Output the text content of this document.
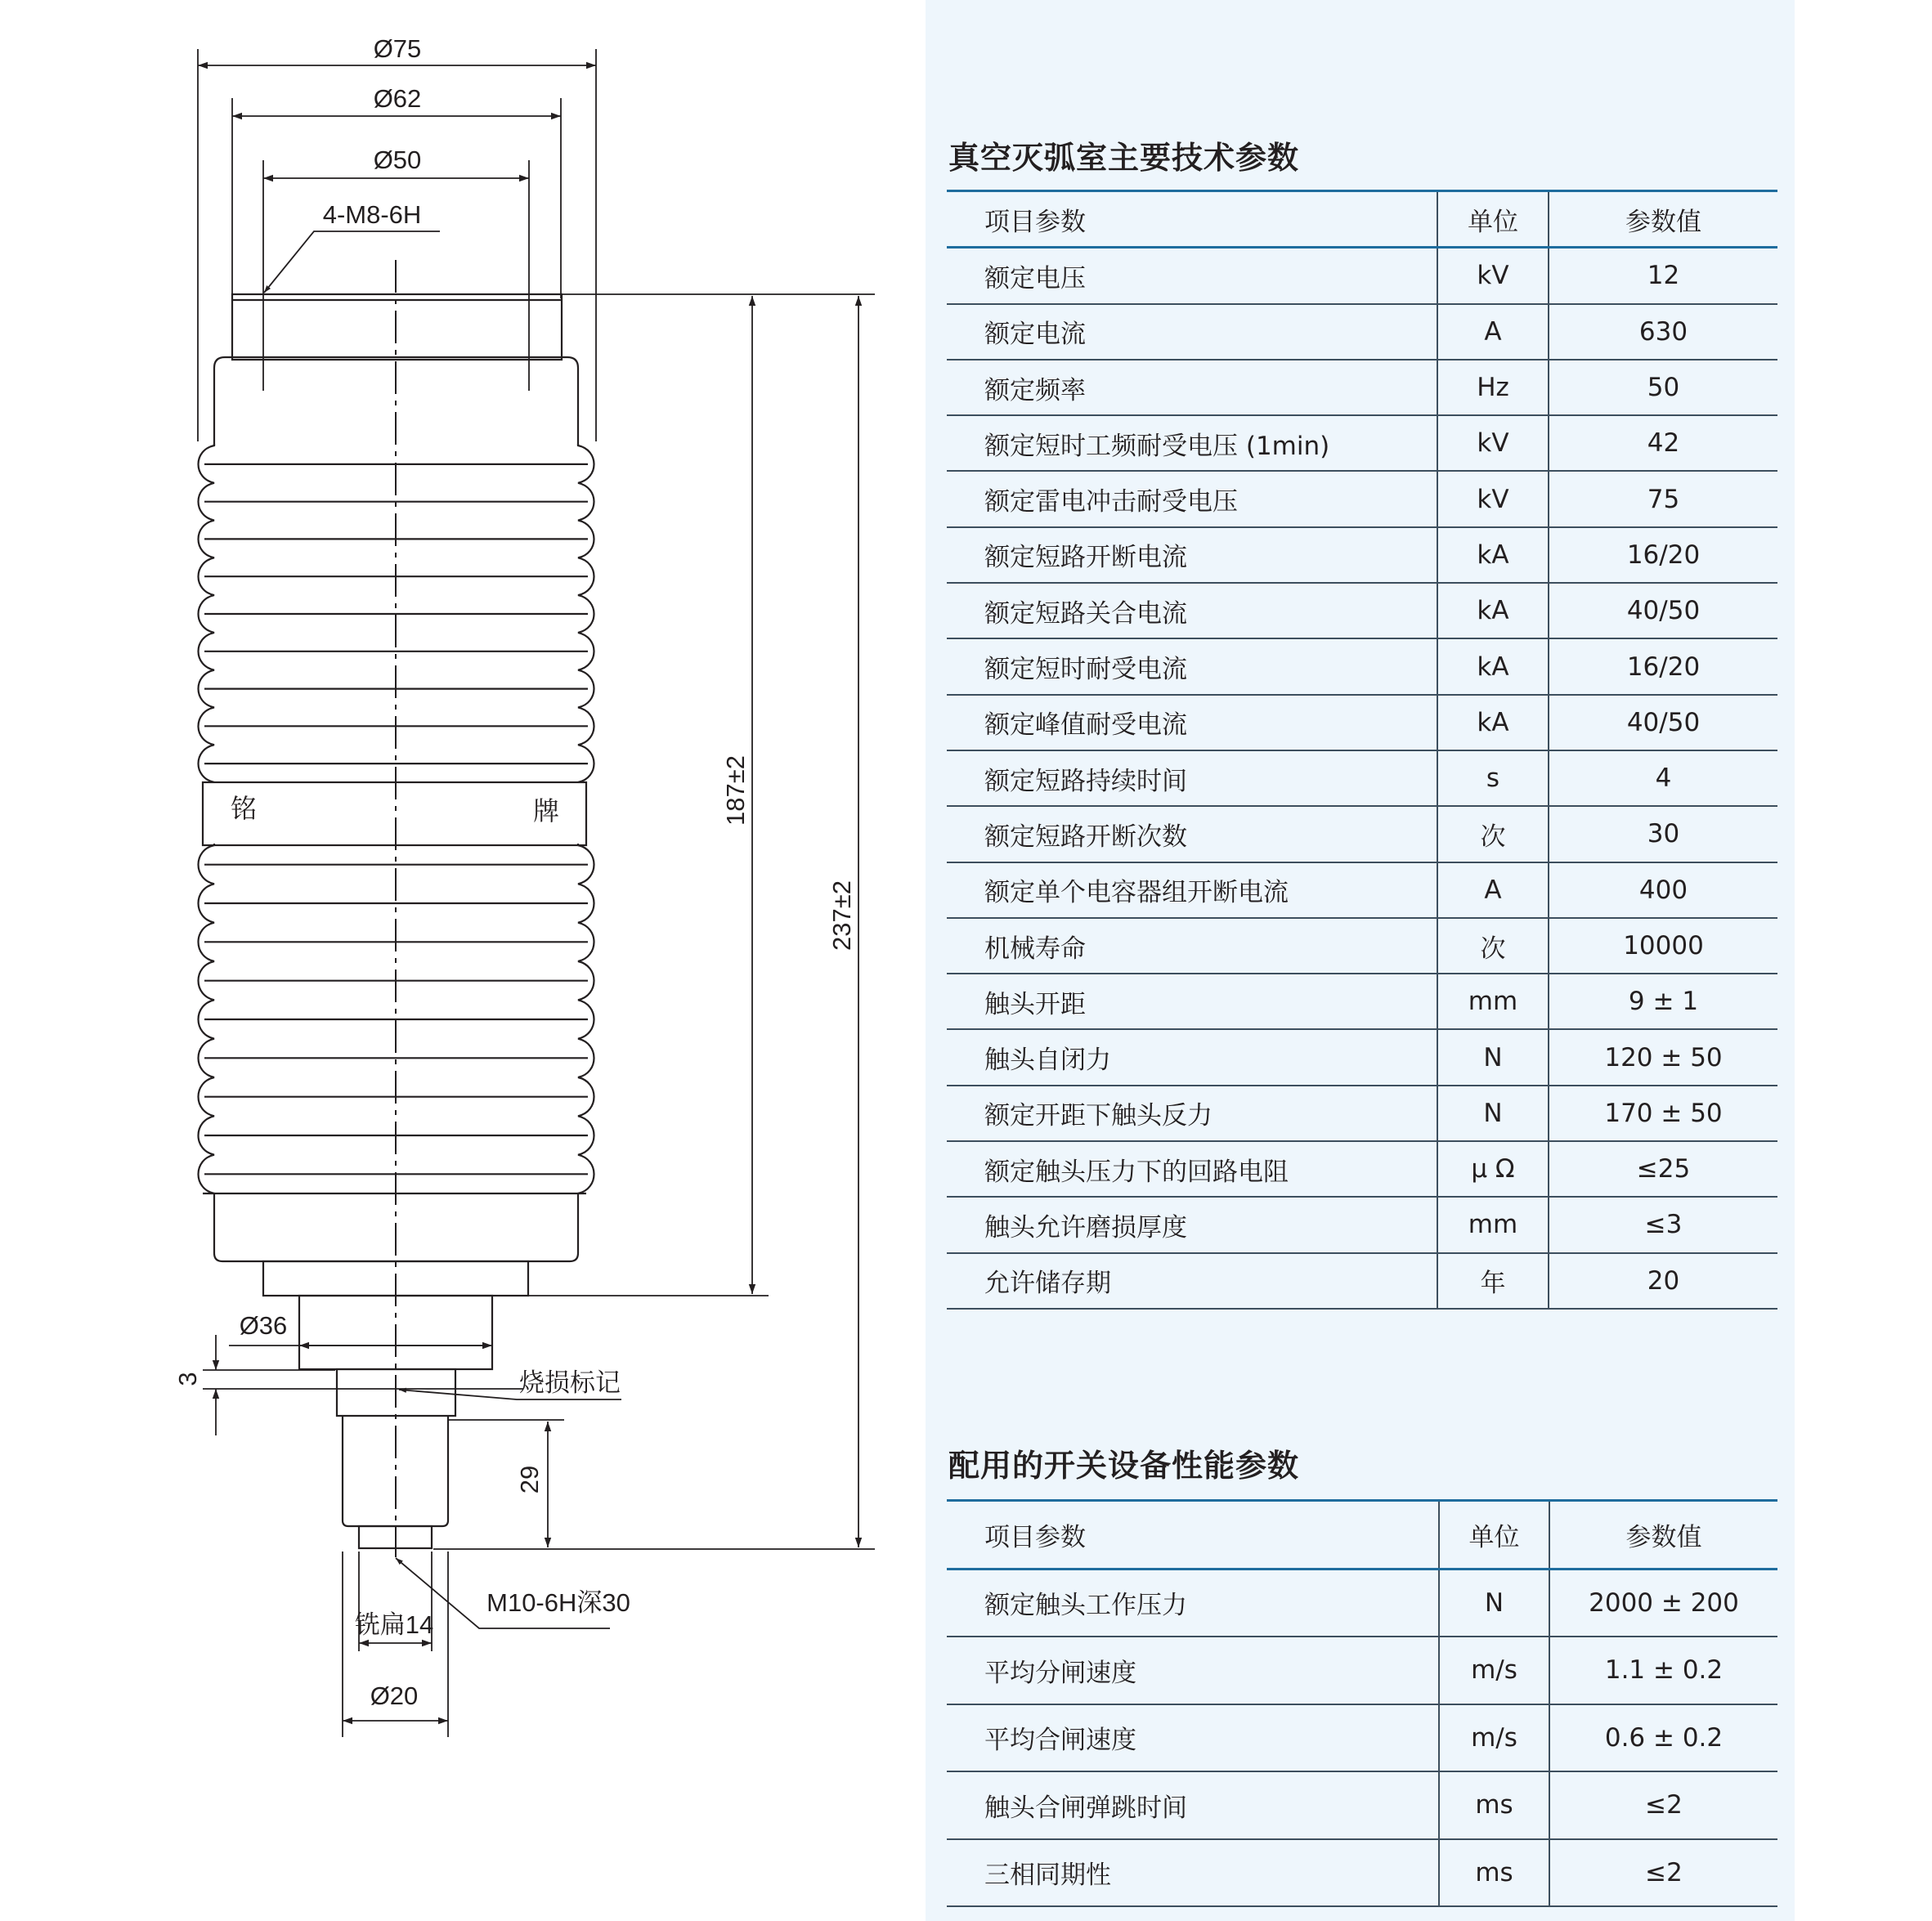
Ø75
Ø62
Ø50
4-M8-6H
铭	牌	187±2
237±2
Ø36
3	烧损标记
29
M10-6H深30
铣扁14
Ø20
真空灭弧室主要技术参数
项目参数	单位	参数值
额定电压	kV	12
额定电流	A	630
额定频率	Hz	50
额定短时工频耐受电压 (1min)	kV	42
额定雷电冲击耐受电压	kV	75
额定短路开断电流	kA	16/20
额定短路关合电流	kA	40/50
额定短时耐受电流	kA	16/20
额定峰值耐受电流	kA	40/50
额定短路持续时间	s	4
额定短路开断次数	次	30
额定单个电容器组开断电流	A	400
机械寿命	次	10000
触头开距	mm	9 ± 1
触头自闭力	N	120 ± 50
额定开距下触头反力	N	170 ± 50
额定触头压力下的回路电阻	μ Ω	≤25
触头允许磨损厚度	mm	≤3
允许储存期	年	20
配用的开关设备性能参数
项目参数	单位	参数值
额定触头工作压力	N	2000 ± 200
平均分闸速度	m/s	1.1 ± 0.2
平均合闸速度	m/s	0.6 ± 0.2
触头合闸弹跳时间	ms	≤2
三相同期性	ms	≤2
